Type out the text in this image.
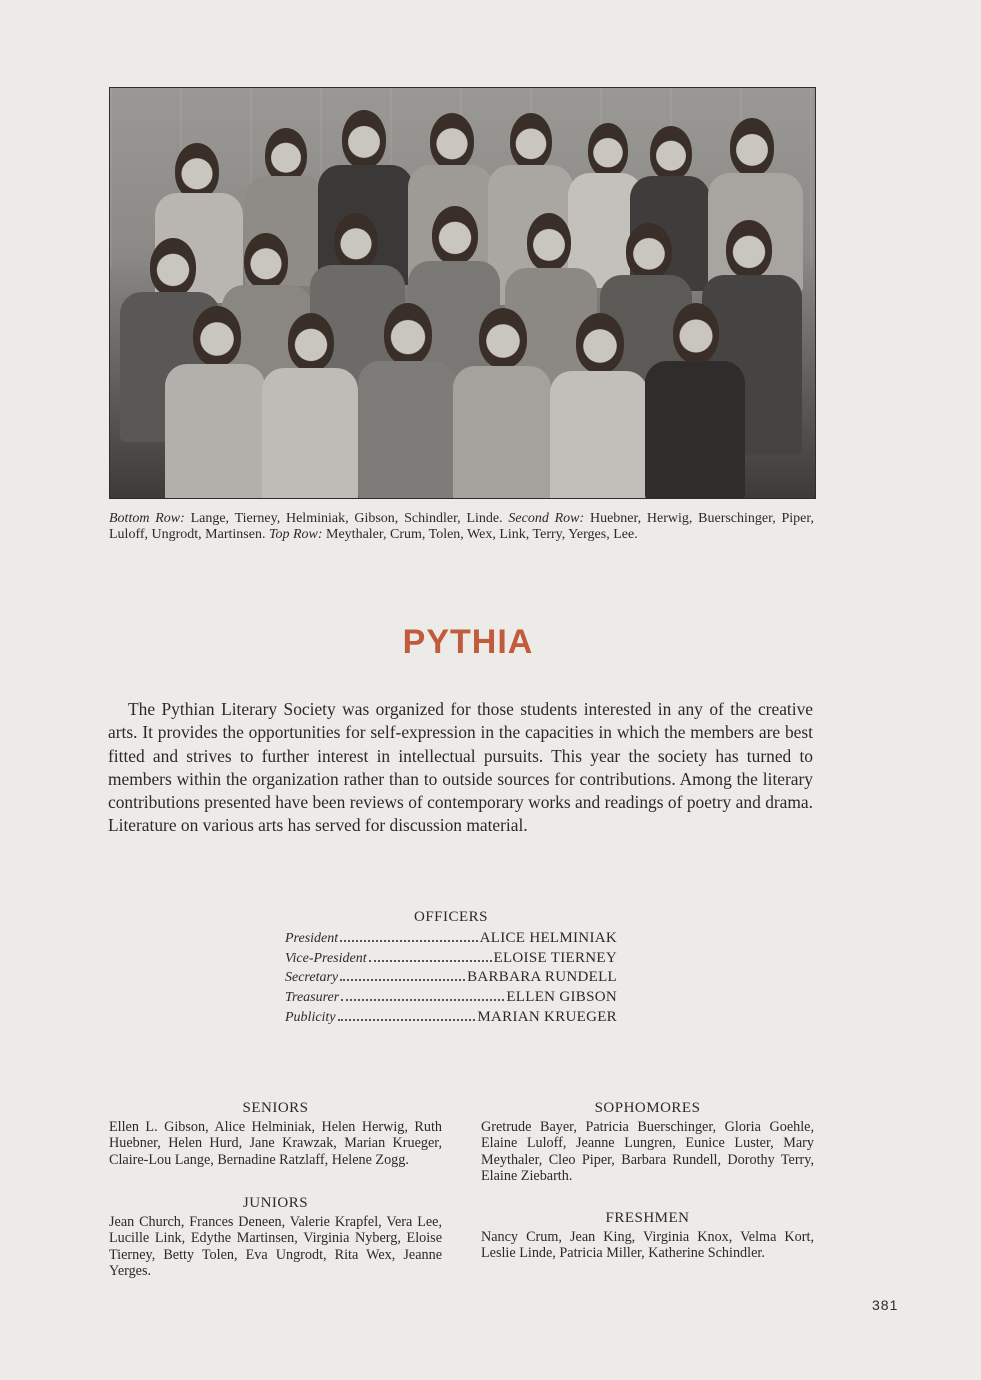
Bottom Row: Lange, Tierney, Helminiak, Gibson, Schindler, Linde. Second Row: Huebner, Herwig, Buerschinger, Piper, Luloff, Ungrodt, Martinsen. Top Row: Meythaler, Crum, Tolen, Wex, Link, Terry, Yerges, Lee.
PYTHIA
The Pythian Literary Society was organized for those students interested in any of the creative arts. It provides the opportunities for self-expression in the capacities in which the members are best fitted and strives to further interest in intellectual pursuits. This year the society has turned to members within the organization rather than to outside sources for contributions. Among the literary contributions presented have been reviews of contemporary works and readings of poetry and drama. Literature on various arts has served for discussion material.
OFFICERS
President	ALICE HELMINIAK
Vice-President	ELOISE TIERNEY
Secretary	BARBARA RUNDELL
Treasurer	ELLEN GIBSON
Publicity	MARIAN KRUEGER
SENIORS
Ellen L. Gibson, Alice Helminiak, Helen Herwig, Ruth Huebner, Helen Hurd, Jane Krawzak, Marian Krueger, Claire-Lou Lange, Bernadine Ratzlaff, Helene Zogg.
JUNIORS
Jean Church, Frances Deneen, Valerie Krapfel, Vera Lee, Lucille Link, Edythe Martinsen, Virginia Nyberg, Eloise Tierney, Betty Tolen, Eva Ungrodt, Rita Wex, Jeanne Yerges.
SOPHOMORES
Gretrude Bayer, Patricia Buerschinger, Gloria Goehle, Elaine Luloff, Jeanne Lungren, Eunice Luster, Mary Meythaler, Cleo Piper, Barbara Rundell, Dorothy Terry, Elaine Ziebarth.
FRESHMEN
Nancy Crum, Jean King, Virginia Knox, Velma Kort, Leslie Linde, Patricia Miller, Katherine Schindler.
381
